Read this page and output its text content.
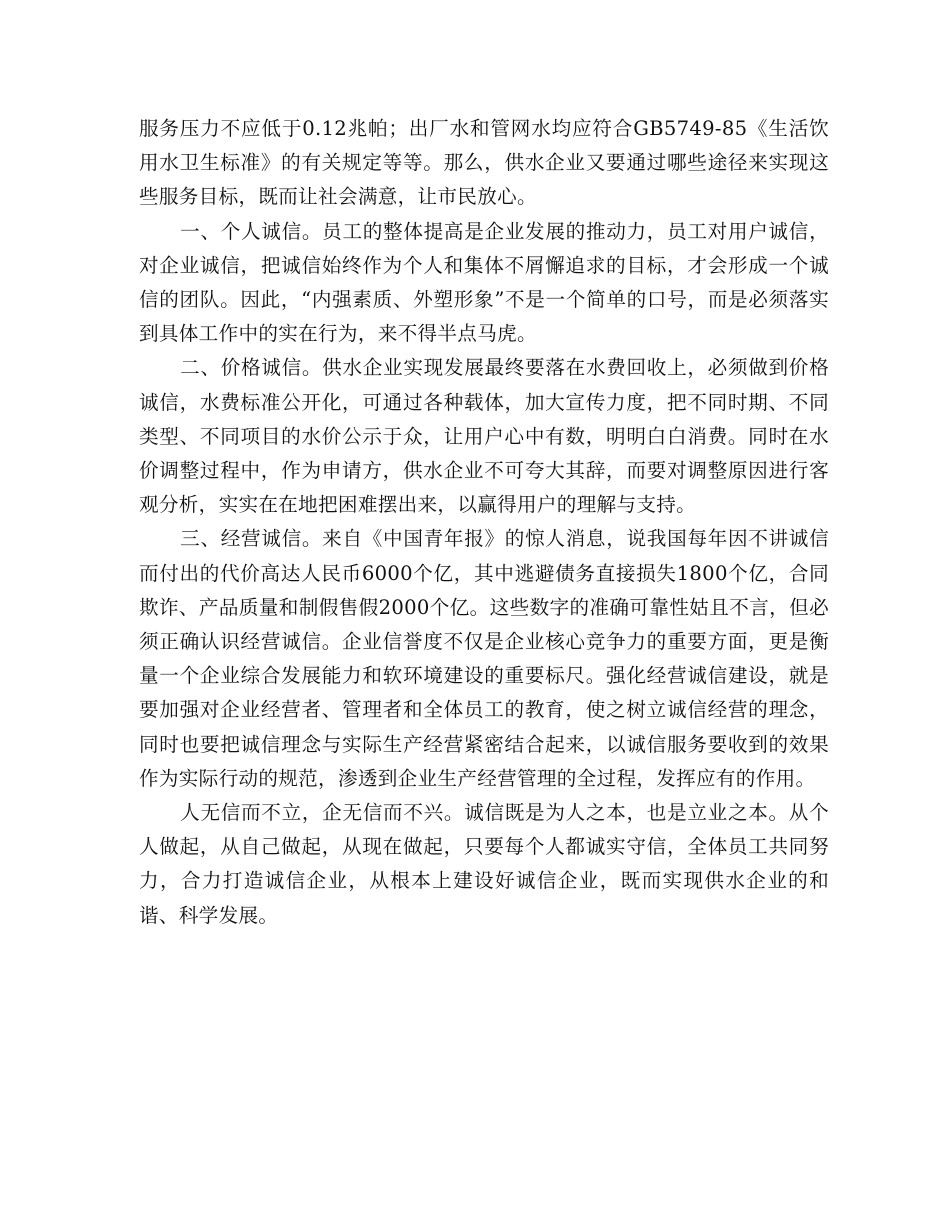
服务压力不应低于0.12兆帕；出厂水和管网水均应符合GB5749-85《生活饮用水卫生标准》的有关规定等等。那么，供水企业又要通过哪些途径来实现这些服务目标，既而让社会满意，让市民放心。

一、个人诚信。员工的整体提高是企业发展的推动力，员工对用户诚信，对企业诚信，把诚信始终作为个人和集体不屑懈追求的目标，才会形成一个诚信的团队。因此，“内强素质、外塑形象”不是一个简单的口号，而是必须落实到具体工作中的实在行为，来不得半点马虎。

二、价格诚信。供水企业实现发展最终要落在水费回收上，必须做到价格诚信，水费标准公开化，可通过各种载体，加大宣传力度，把不同时期、不同类型、不同项目的水价公示于众，让用户心中有数，明明白白消费。同时在水价调整过程中，作为申请方，供水企业不可夸大其辞，而要对调整原因进行客观分析，实实在在地把困难摆出来，以赢得用户的理解与支持。

三、经营诚信。来自《中国青年报》的惊人消息，说我国每年因不讲诚信而付出的代价高达人民币6000个亿，其中逃避债务直接损失1800个亿，合同欺诈、产品质量和制假售假2000个亿。这些数字的准确可靠性姑且不言，但必须正确认识经营诚信。企业信誉度不仅是企业核心竞争力的重要方面，更是衡量一个企业综合发展能力和软环境建设的重要标尺。强化经营诚信建设，就是要加强对企业经营者、管理者和全体员工的教育，使之树立诚信经营的理念，同时也要把诚信理念与实际生产经营紧密结合起来，以诚信服务要收到的效果作为实际行动的规范，渗透到企业生产经营管理的全过程，发挥应有的作用。

人无信而不立，企无信而不兴。诚信既是为人之本，也是立业之本。从个人做起，从自己做起，从现在做起，只要每个人都诚实守信，全体员工共同努力，合力打造诚信企业，从根本上建设好诚信企业，既而实现供水企业的和谐、科学发展。
